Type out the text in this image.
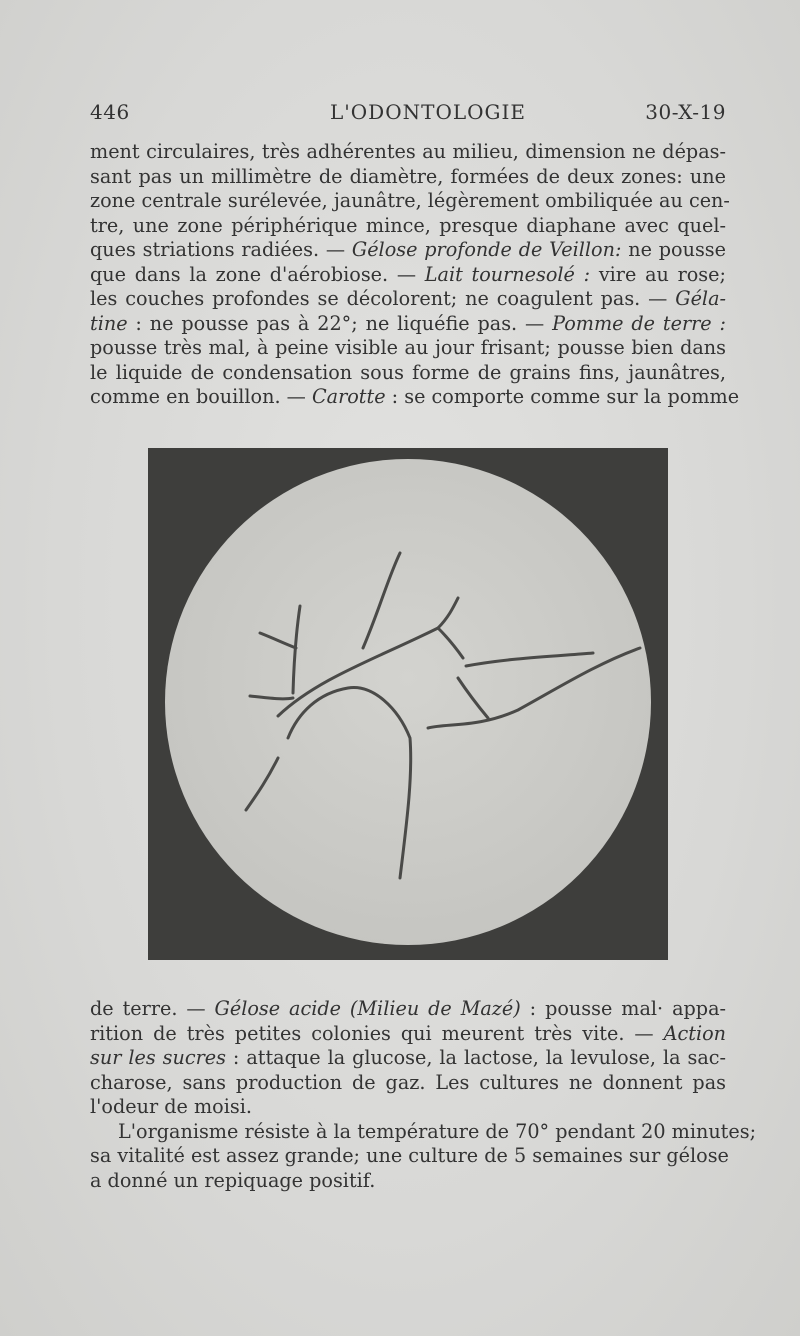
446	L'ODONTOLOGIE	30-X-19
ment circulaires, très adhérentes au milieu, dimension ne dépas-
sant pas un millimètre de diamètre, formées de deux zones: une
zone centrale surélevée, jaunâtre, légèrement ombiliquée au cen-
tre, une zone périphérique mince, presque diaphane avec quel-
ques striations radiées. — Gélose profonde de Veillon: ne pousse
que dans la zone d'aérobiose. — Lait tournesolé : vire au rose;
les couches profondes se décolorent; ne coagulent pas. — Géla-
tine : ne pousse pas à 22°; ne liquéfie pas. — Pomme de terre :
pousse très mal, à peine visible au jour frisant; pousse bien dans
le liquide de condensation sous forme de grains fins, jaunâtres,
comme en bouillon. — Carotte : se comporte comme sur la pomme
de terre. — Gélose acide (Milieu de Mazé) : pousse mal· appa-
rition de très petites colonies qui meurent très vite. — Action
sur les sucres : attaque la glucose, la lactose, la levulose, la sac-
charose, sans production de gaz. Les cultures ne donnent pas
l'odeur de moisi.
L'organisme résiste à la température de 70° pendant 20 minutes;
sa vitalité est assez grande; une culture de 5 semaines sur gélose
a donné un repiquage positif.
